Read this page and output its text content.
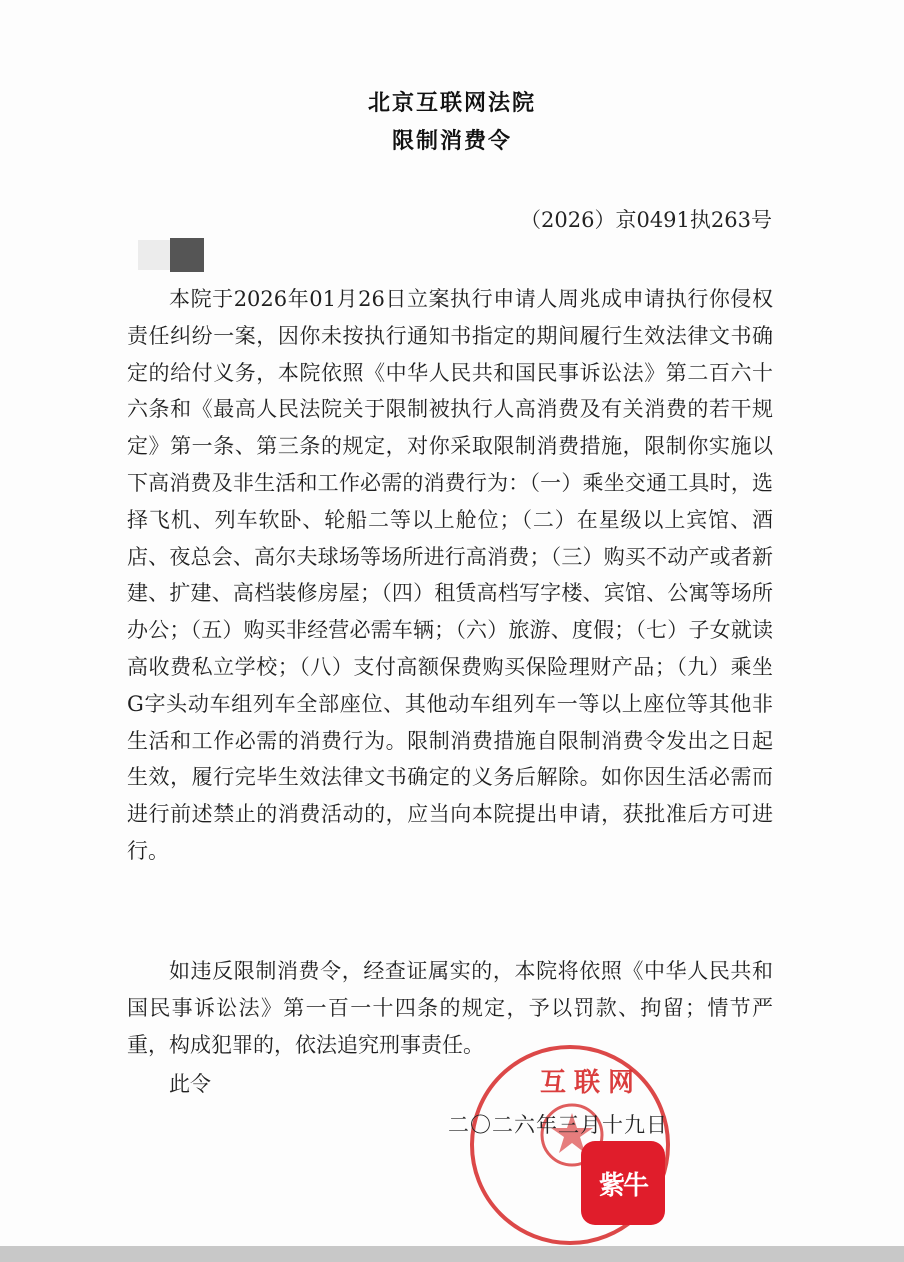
北京互联网法院
限制消费令
（2026）京0491执263号

本院于2026年01月26日立案执行申请人周兆成申请执行你侵权责任纠纷一案，因你未按执行通知书指定的期间履行生效法律文书确定的给付义务，本院依照《中华人民共和国民事诉讼法》第二百六十六条和《最高人民法院关于限制被执行人高消费及有关消费的若干规定》第一条、第三条的规定，对你采取限制消费措施，限制你实施以下高消费及非生活和工作必需的消费行为：（一）乘坐交通工具时，选择飞机、列车软卧、轮船二等以上舱位；（二）在星级以上宾馆、酒店、夜总会、高尔夫球场等场所进行高消费；（三）购买不动产或者新建、扩建、高档装修房屋；（四）租赁高档写字楼、宾馆、公寓等场所办公；（五）购买非经营必需车辆；（六）旅游、度假；（七）子女就读高收费私立学校；（八）支付高额保费购买保险理财产品；（九）乘坐G字头动车组列车全部座位、其他动车组列车一等以上座位等其他非生活和工作必需的消费行为。限制消费措施自限制消费令发出之日起生效，履行完毕生效法律文书确定的义务后解除。如你因生活必需而进行前述禁止的消费活动的，应当向本院提出申请，获批准后方可进行。

如违反限制消费令，经查证属实的，本院将依照《中华人民共和国民事诉讼法》第一百一十四条的规定，予以罚款、拘留；情节严重，构成犯罪的，依法追究刑事责任。

此令	互联网
二〇二六年三月十九日
紫牛
